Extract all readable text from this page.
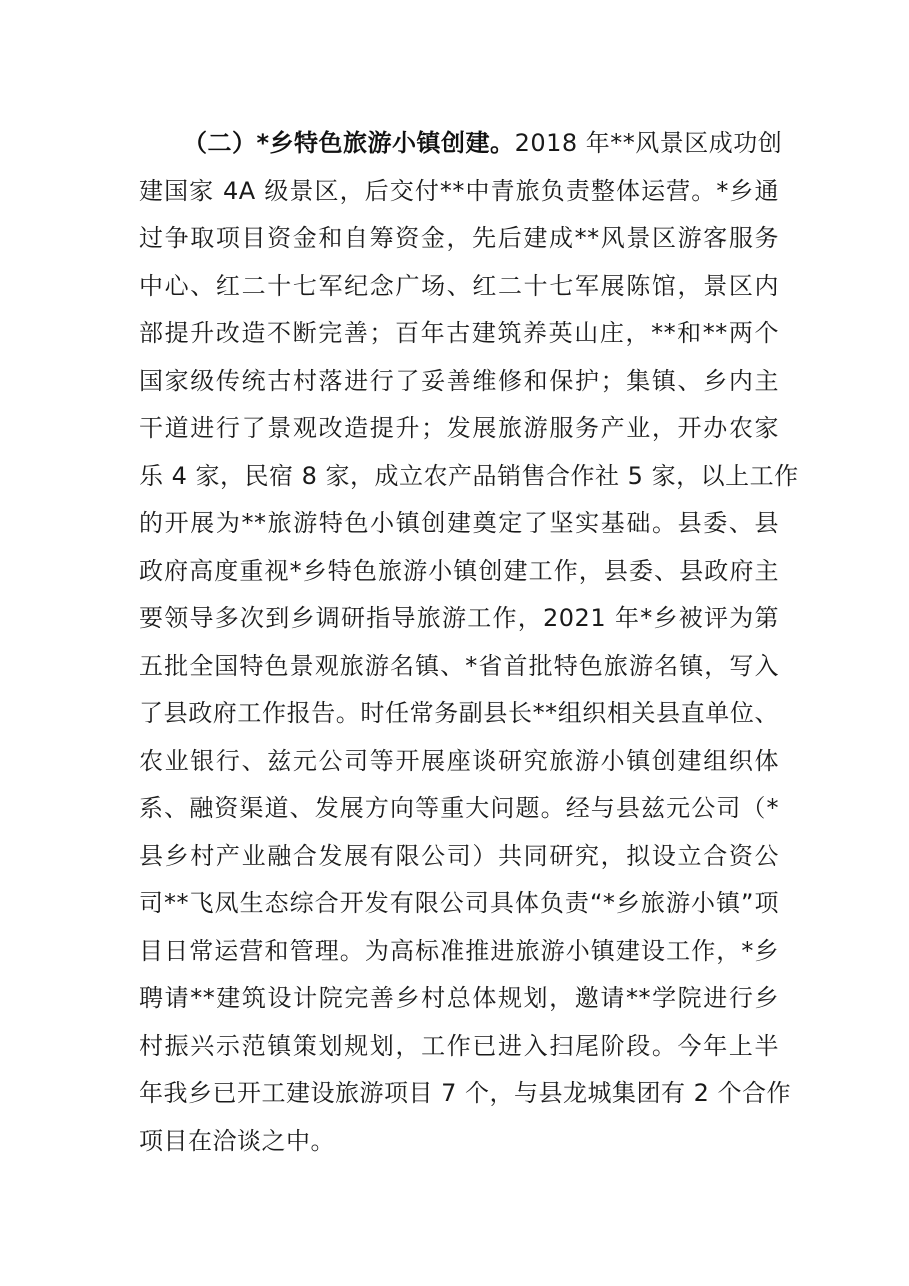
（二）*乡特色旅游小镇创建。2018 年**风景区成功创
建国家 4A 级景区，后交付**中青旅负责整体运营。*乡通
过争取项目资金和自筹资金，先后建成**风景区游客服务
中心、红二十七军纪念广场、红二十七军展陈馆，景区内
部提升改造不断完善；百年古建筑养英山庄，**和**两个
国家级传统古村落进行了妥善维修和保护；集镇、乡内主
干道进行了景观改造提升；发展旅游服务产业，开办农家
乐 4 家，民宿 8 家，成立农产品销售合作社 5 家，以上工作
的开展为**旅游特色小镇创建奠定了坚实基础。县委、县
政府高度重视*乡特色旅游小镇创建工作，县委、县政府主
要领导多次到乡调研指导旅游工作，2021 年*乡被评为第
五批全国特色景观旅游名镇、*省首批特色旅游名镇，写入
了县政府工作报告。时任常务副县长**组织相关县直单位、
农业银行、兹元公司等开展座谈研究旅游小镇创建组织体
系、融资渠道、发展方向等重大问题。经与县兹元公司（*
县乡村产业融合发展有限公司）共同研究，拟设立合资公
司**飞凤生态综合开发有限公司具体负责“*乡旅游小镇”项
目日常运营和管理。为高标准推进旅游小镇建设工作，*乡
聘请**建筑设计院完善乡村总体规划，邀请**学院进行乡
村振兴示范镇策划规划，工作已进入扫尾阶段。今年上半
年我乡已开工建设旅游项目 7 个，与县龙城集团有 2 个合作
项目在洽谈之中。
